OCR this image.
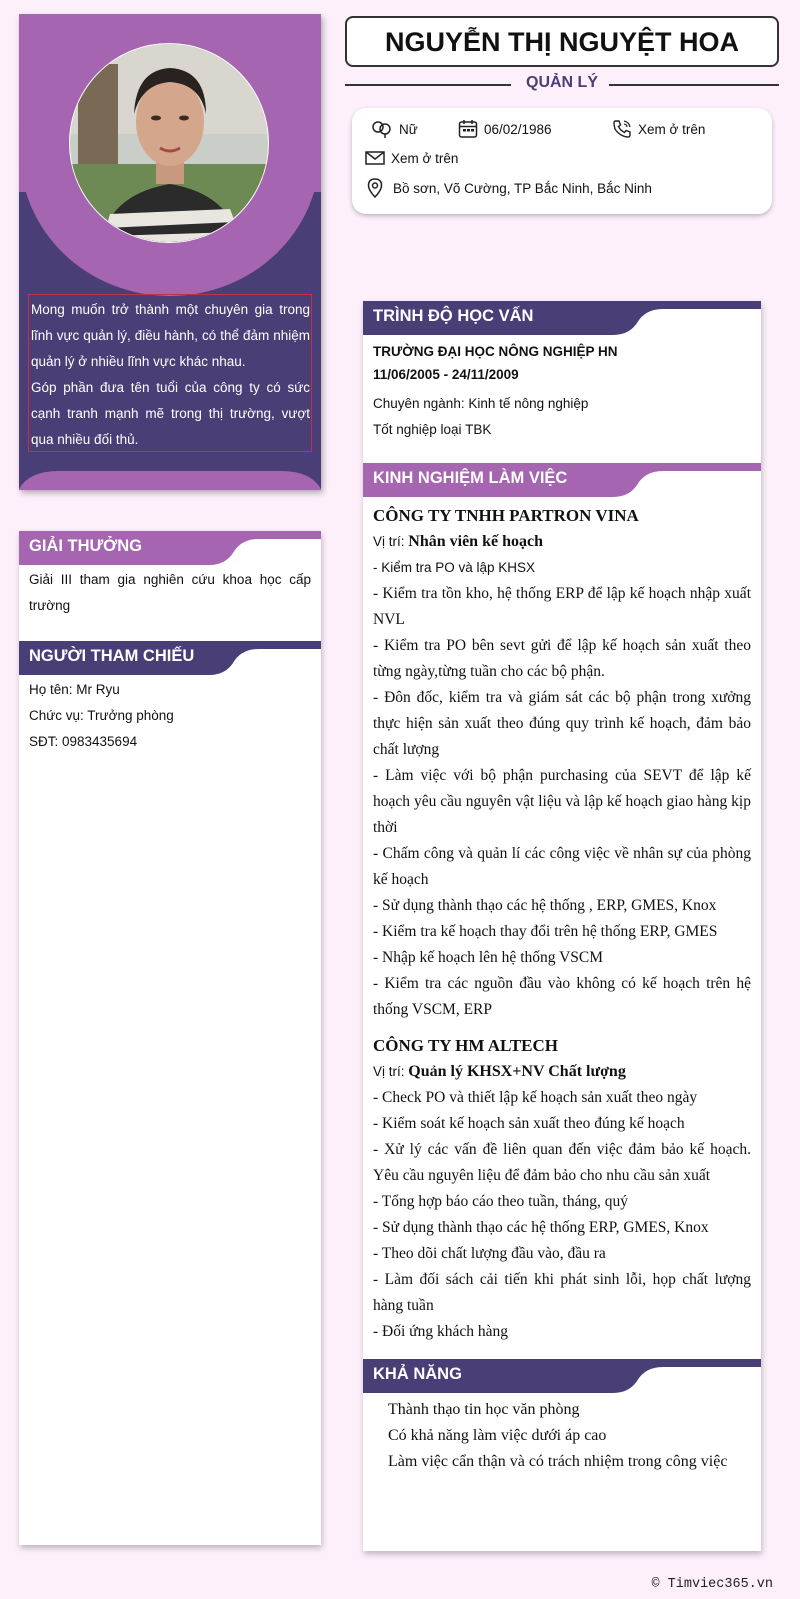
Mong muốn trở thành một chuyên gia trong lĩnh vực quản lý, điều hành, có thể đảm nhiệm quản lý ở nhiều lĩnh vực khác nhau.

Góp phần đưa tên tuổi của công ty có sức cạnh tranh mạnh mẽ trong thị trường, vượt qua nhiều đối thủ.

GIẢI THƯỞNG
Giải III tham gia nghiên cứu khoa học cấp trường
NGƯỜI THAM CHIẾU
Họ tên: Mr Ryu
Chức vụ: Trưởng phòng
SĐT: 0983435694
NGUYỄN THỊ NGUYỆT HOA
QUẢN LÝ
Nữ	06/02/1986	Xem ở trên
Xem ở trên
Bồ sơn, Võ Cường, TP Bắc Ninh, Bắc Ninh
TRÌNH ĐỘ HỌC VẤN
TRƯỜNG ĐẠI HỌC NÔNG NGHIỆP HN
11/06/2005 - 24/11/2009
Chuyên ngành: Kinh tế nông nghiệp
Tốt nghiệp loại TBK
KINH NGHIỆM LÀM VIỆC
CÔNG TY TNHH PARTRON VINA
Vị trí: Nhân viên kế hoạch
- Kiểm tra PO và lập KHSX
- Kiểm tra tồn kho, hệ thống ERP để lập kế hoạch nhập xuất NVL
- Kiểm tra PO bên sevt gửi để lập kế hoạch sản xuất theo từng ngày,từng tuần cho các bộ phận.
- Đôn đốc, kiểm tra và giám sát các bộ phận trong xưởng thực hiện sản xuất theo đúng quy trình kế hoạch, đảm bảo chất lượng
- Làm việc với bộ phận purchasing của SEVT để lập kế hoạch yêu cầu nguyên vật liệu và lập kế hoạch giao hàng kịp thời
- Chấm công và quản lí các công việc về nhân sự của phòng kế hoạch
- Sử dụng thành thạo các hệ thống , ERP, GMES, Knox
- Kiểm tra kế hoạch thay đổi trên hệ thống ERP, GMES
- Nhập kế hoạch lên hệ thống VSCM
- Kiểm tra các nguồn đầu vào không có kế hoạch trên hệ thống VSCM, ERP
CÔNG TY HM ALTECH
Vị trí: Quản lý KHSX+NV Chất lượng
- Check PO và thiết lập kế hoạch sản xuất theo ngày
- Kiểm soát kế hoạch sản xuất theo đúng kế hoạch
- Xử lý các vấn đề liên quan đến việc đảm bảo kế hoạch. Yêu cầu nguyên liệu để đảm bảo cho nhu cầu sản xuất
- Tổng hợp báo cáo theo tuần, tháng, quý
- Sử dụng thành thạo các hệ thống ERP, GMES, Knox
- Theo dõi chất lượng đầu vào, đầu ra
- Làm đối sách cải tiến khi phát sinh lỗi, họp chất lượng hàng tuần
- Đối ứng khách hàng
KHẢ NĂNG
Thành thạo tin học văn phòng
Có khả năng làm việc dưới áp cao
Làm việc cẩn thận và có trách nhiệm trong công việc
© Timviec365.vn
